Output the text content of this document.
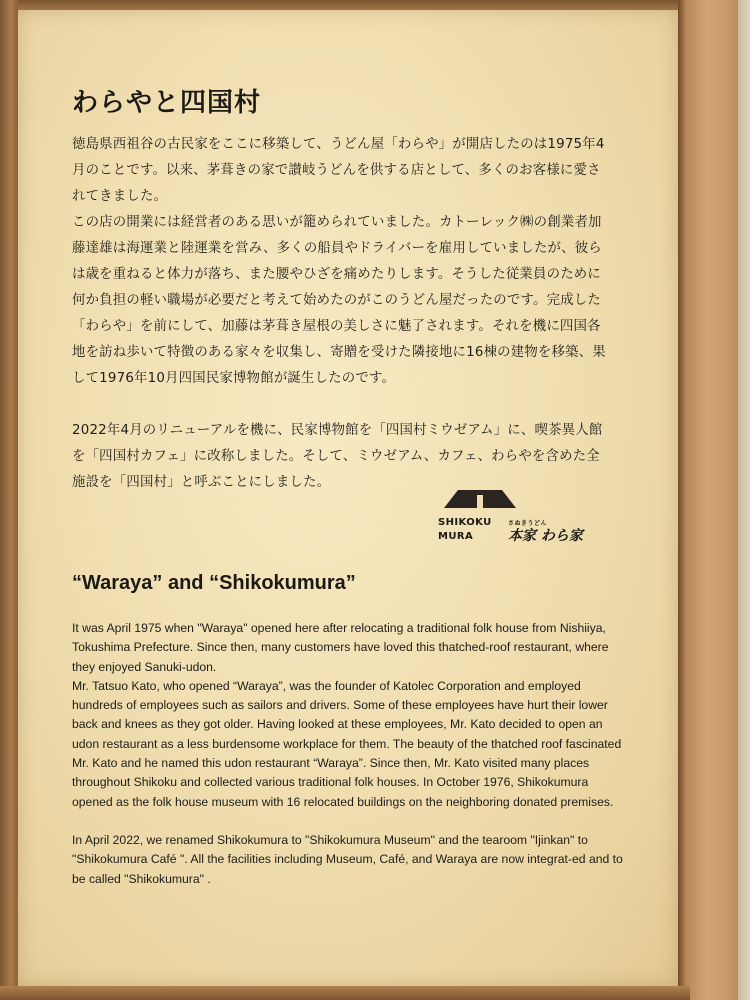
わらやと四国村

徳島県西祖谷の古民家をここに移築して、うどん屋「わらや」が開店したのは1975年4月のことです。以来、茅葺きの家で讃岐うどんを供する店として、多くのお客様に愛されてきました。

この店の開業には経営者のある思いが籠められていました。カトーレック㈱の創業者加藤達雄は海運業と陸運業を営み、多くの船員やドライバーを雇用していましたが、彼らは歳を重ねると体力が落ち、また腰やひざを痛めたりします。そうした従業員のために何か負担の軽い職場が必要だと考えて始めたのがこのうどん屋だったのです。完成した「わらや」を前にして、加藤は茅葺き屋根の美しさに魅了されます。それを機に四国各地を訪ね歩いて特徴のある家々を収集し、寄贈を受けた隣接地に16棟の建物を移築、果して1976年10月四国民家博物館が誕生したのです。

2022年4月のリニューアルを機に、民家博物館を「四国村ミウゼアム」に、喫茶異人館を「四国村カフェ」に改称しました。そして、ミウゼアム、カフェ、わらやを含めた全施設を「四国村」と呼ぶことにしました。

SHIKOKU
MURA
さぬきうどん
本家 わら家
“Waraya” and “Shikokumura”

It was April 1975 when "Waraya" opened here after relocating a traditional folk house from Nishiiya, Tokushima Prefecture. Since then, many customers have loved this thatched-roof restaurant, where they enjoyed Sanuki-udon.

Mr. Tatsuo Kato, who opened “Waraya”, was the founder of Katolec Corporation and employed hundreds of employees such as sailors and drivers. Some of these employees have hurt their lower back and knees as they got older. Having looked at these employees, Mr. Kato decided to open an udon restaurant as a less burdensome workplace for them. The beauty of the thatched roof fascinated Mr. Kato and he named this udon restaurant “Waraya”. Since then, Mr. Kato visited many places throughout Shikoku and collected various traditional folk houses. In October 1976, Shikokumura opened as the folk house museum with 16 relocated buildings on the neighboring donated premises.

In April 2022, we renamed Shikokumura to "Shikokumura Museum" and the tearoom "Ijinkan" to "Shikokumura Café ". All the facilities including Museum, Café, and Waraya are now integrat-ed and to be called "Shikokumura" .
